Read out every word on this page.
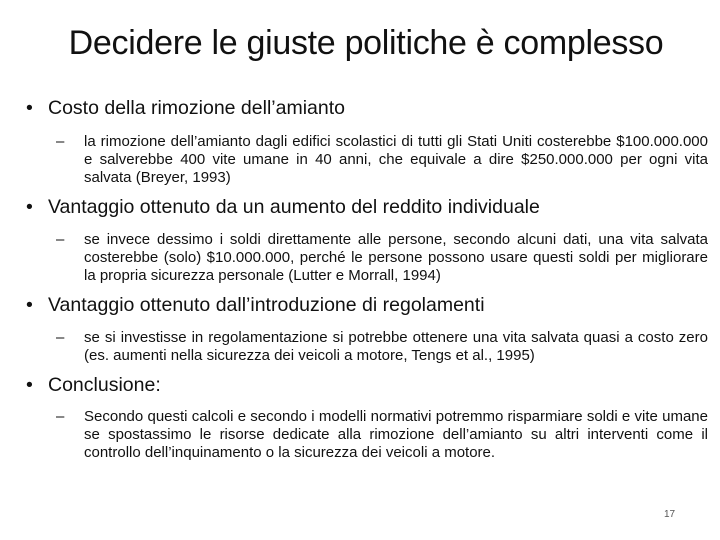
Decidere le giuste politiche è complesso
• Costo della rimozione dell’amianto
– la rimozione dell’amianto dagli edifici scolastici di tutti gli Stati Uniti costerebbe $100.000.000 e salverebbe 400 vite umane in 40 anni, che equivale a dire $250.000.000 per ogni vita salvata (Breyer, 1993)
• Vantaggio ottenuto da un aumento del reddito individuale
– se invece dessimo i soldi direttamente alle persone, secondo alcuni dati, una vita salvata costerebbe (solo) $10.000.000, perché le persone possono usare questi soldi per migliorare la propria sicurezza personale (Lutter e Morrall, 1994)
• Vantaggio ottenuto dall’introduzione di regolamenti
– se si investisse in regolamentazione si potrebbe ottenere una vita salvata quasi a costo zero (es. aumenti nella sicurezza dei veicoli a motore, Tengs et al., 1995)
• Conclusione:
– Secondo questi calcoli e secondo i modelli normativi potremmo risparmiare soldi e vite umane se spostassimo le risorse dedicate alla rimozione dell’amianto su altri interventi come il controllo dell’inquinamento o la sicurezza dei veicoli a motore.
17
